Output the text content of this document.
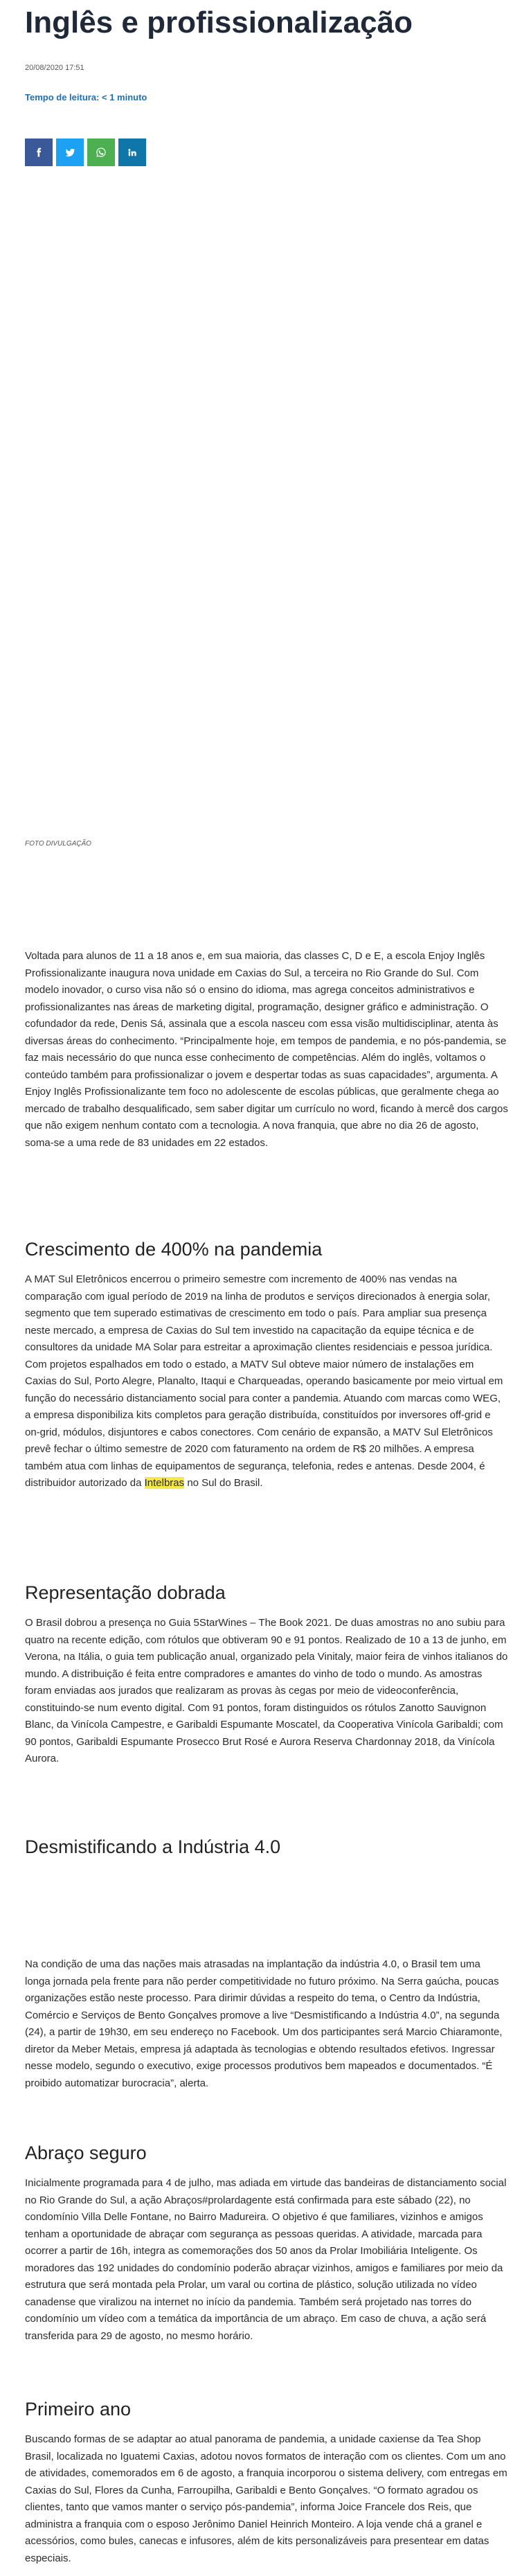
Inglês e profissionalização
20/08/2020 17:51
Tempo de leitura: < 1 minuto
FOTO DIVULGAÇÃO

Voltada para alunos de 11 a 18 anos e, em sua maioria, das classes C, D e E, a escola Enjoy Inglês Profissionalizante inaugura nova unidade em Caxias do Sul, a terceira no Rio Grande do Sul. Com modelo inovador, o curso visa não só o ensino do idioma, mas agrega conceitos administrativos e profissionalizantes nas áreas de marketing digital, programação, designer gráfico e administração. O cofundador da rede, Denis Sá, assinala que a escola nasceu com essa visão multidisciplinar, atenta às diversas áreas do conhecimento. “Principalmente hoje, em tempos de pandemia, e no pós-pandemia, se faz mais necessário do que nunca esse conhecimento de competências. Além do inglês, voltamos o conteúdo também para profissionalizar o jovem e despertar todas as suas capacidades”, argumenta. A Enjoy Inglês Profissionalizante tem foco no adolescente de escolas públicas, que geralmente chega ao mercado de trabalho desqualificado, sem saber digitar um currículo no word, ficando à mercê dos cargos que não exigem nenhum contato com a tecnologia. A nova franquia, que abre no dia 26 de agosto, soma-se a uma rede de 83 unidades em 22 estados.

Crescimento de 400% na pandemia

A MAT Sul Eletrônicos encerrou o primeiro semestre com incremento de 400% nas vendas na comparação com igual período de 2019 na linha de produtos e serviços direcionados à energia solar, segmento que tem superado estimativas de crescimento em todo o país. Para ampliar sua presença neste mercado, a empresa de Caxias do Sul tem investido na capacitação da equipe técnica e de consultores da unidade MA Solar para estreitar a aproximação clientes residenciais e pessoa jurídica. Com projetos espalhados em todo o estado, a MATV Sul obteve maior número de instalações em Caxias do Sul, Porto Alegre, Planalto, Itaqui e Charqueadas, operando basicamente por meio virtual em função do necessário distanciamento social para conter a pandemia. Atuando com marcas como WEG, a empresa disponibiliza kits completos para geração distribuída, constituídos por inversores off-grid e on-grid, módulos, disjuntores e cabos conectores. Com cenário de expansão, a MATV Sul Eletrônicos prevê fechar o último semestre de 2020 com faturamento na ordem de R$ 20 milhões. A empresa também atua com linhas de equipamentos de segurança, telefonia, redes e antenas. Desde 2004, é distribuidor autorizado da Intelbras no Sul do Brasil.

Representação dobrada

O Brasil dobrou a presença no Guia 5StarWines – The Book 2021. De duas amostras no ano subiu para quatro na recente edição, com rótulos que obtiveram 90 e 91 pontos. Realizado de 10 a 13 de junho, em Verona, na Itália, o guia tem publicação anual, organizado pela Vinitaly, maior feira de vinhos italianos do mundo. A distribuição é feita entre compradores e amantes do vinho de todo o mundo. As amostras foram enviadas aos jurados que realizaram as provas às cegas por meio de videoconferência, constituindo-se num evento digital. Com 91 pontos, foram distinguidos os rótulos Zanotto Sauvignon Blanc, da Vinícola Campestre, e Garibaldi Espumante Moscatel, da Cooperativa Vinícola Garibaldi; com 90 pontos, Garibaldi Espumante Prosecco Brut Rosé e Aurora Reserva Chardonnay 2018, da Vinícola Aurora.

Desmistificando a Indústria 4.0

Na condição de uma das nações mais atrasadas na implantação da indústria 4.0, o Brasil tem uma longa jornada pela frente para não perder competitividade no futuro próximo. Na Serra gaúcha, poucas organizações estão neste processo. Para dirimir dúvidas a respeito do tema, o Centro da Indústria, Comércio e Serviços de Bento Gonçalves promove a live “Desmistificando a Indústria 4.0”, na segunda (24), a partir de 19h30, em seu endereço no Facebook. Um dos participantes será Marcio Chiaramonte, diretor da Meber Metais, empresa já adaptada às tecnologias e obtendo resultados efetivos. Ingressar nesse modelo, segundo o executivo, exige processos produtivos bem mapeados e documentados. “É proibido automatizar burocracia”, alerta.

Abraço seguro

Inicialmente programada para 4 de julho, mas adiada em virtude das bandeiras de distanciamento social no Rio Grande do Sul, a ação Abraços#prolardagente está confirmada para este sábado (22), no condomínio Villa Delle Fontane, no Bairro Madureira. O objetivo é que familiares, vizinhos e amigos tenham a oportunidade de abraçar com segurança as pessoas queridas. A atividade, marcada para ocorrer a partir de 16h, integra as comemorações dos 50 anos da Prolar Imobiliária Inteligente. Os moradores das 192 unidades do condomínio poderão abraçar vizinhos, amigos e familiares por meio da estrutura que será montada pela Prolar, um varal ou cortina de plástico, solução utilizada no vídeo canadense que viralizou na internet no início da pandemia. Também será projetado nas torres do condomínio um vídeo com a temática da importância de um abraço. Em caso de chuva, a ação será transferida para 29 de agosto, no mesmo horário.

Primeiro ano

Buscando formas de se adaptar ao atual panorama de pandemia, a unidade caxiense da Tea Shop Brasil, localizada no Iguatemi Caxias, adotou novos formatos de interação com os clientes. Com um ano de atividades, comemorados em 6 de agosto, a franquia incorporou o sistema delivery, com entregas em Caxias do Sul, Flores da Cunha, Farroupilha, Garibaldi e Bento Gonçalves. “O formato agradou os clientes, tanto que vamos manter o serviço pós-pandemia”, informa Joice Francele dos Reis, que administra a franquia com o esposo Jerônimo Daniel Heinrich Monteiro. A loja vende chá a granel e acessórios, como bules, canecas e infusores, além de kits personalizáveis para presentear em datas especiais.
